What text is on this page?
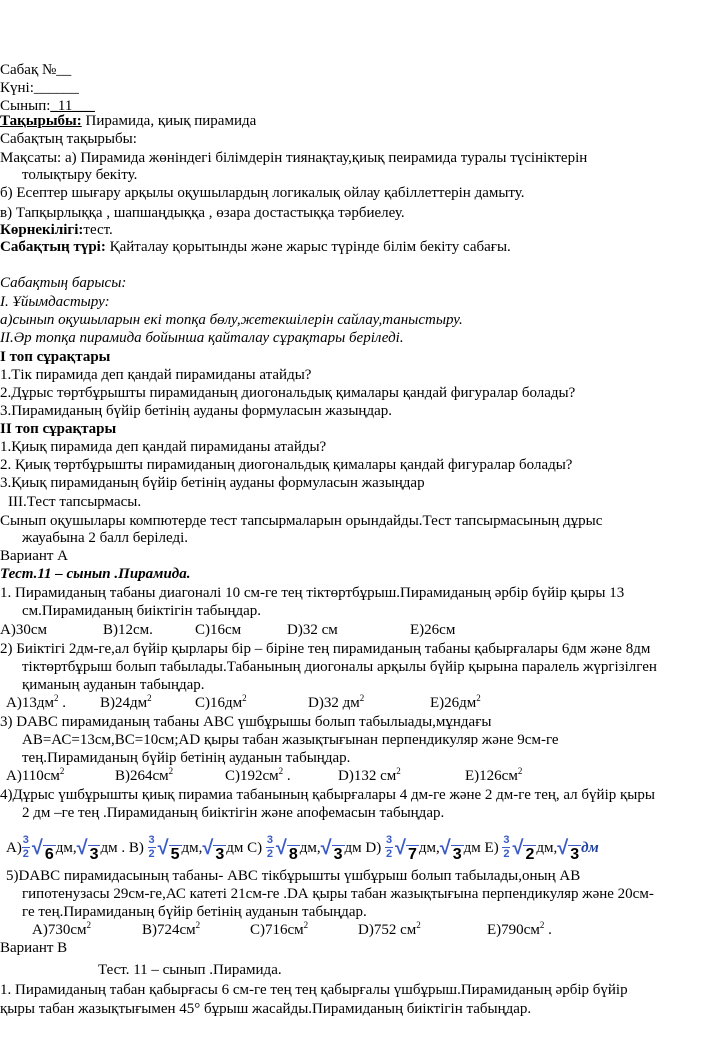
Сабақ №__
Күні:______
Сынып:_11___
Тақырыбы: Пирамида, қиық пирамида
Сабақтың тақырыбы:
Мақсаты: а) Пирамида жөніндегі білімдерін тиянақтау,қиық пеирамида туралы түсініктерін
толықтыру бекіту.
б) Есептер шығару арқылы оқушылардың логикалық ойлау қабіллеттерін дамыту.
в) Тапқырлыққа , шапшаңдыққа , өзара достастыққа тәрбиелеу.
Көрнекілігі:тест.
Сабақтың түрі: Қайталау қорытынды және жарыс түрінде білім бекіту сабағы.
Сабақтың барысы:
I. Ұйымдастыру:
а)сынып оқушыларын екі топқа бөлу,жетекшілерін сайлау,таныстыру.
II.Әр топқа пирамида бойынша қайталау сұрақтары беріледі.
І топ сұрақтары
1.Тік пирамида деп қандай пирамиданы атайды?
2.Дұрыс төртбұрышты пирамиданың диогональдық қималары қандай фигуралар болады?
3.Пирамиданың бүйір бетінің ауданы формуласын жазыңдар.
ІІ топ сұрақтары
1.Қиық пирамида деп қандай пирамиданы атайды?
2. Қиық төртбұрышты пирамиданың диогональдық қималары қандай фигуралар болады?
3.Қиық пирамиданың бүйір бетінің ауданы формуласын жазыңдар
III.Тест тапсырмасы.
Сынып оқушылары компютерде тест тапсырмаларын орындайды.Тест тапсырмасының дұрыс
жауабына 2 балл беріледі.
Вариант А
Тест.11 – сынып .Пирамида.
1. Пирамиданың табаны диагоналі 10 см-ге тең тіктөртбұрыш.Пирамиданың әрбір бүйір қыры 13
см.Пирамиданың биіктігін табыңдар.
А)30см	В)12см.	С)16см	D)32 см	Е)26см
2) Биіктігі 2дм-ге,ал бүйір қырлары бір – біріне тең пирамиданың табаны қабырғалары 6дм және 8дм
тіктөртбұрыш болып табылады.Табанының диогоналы арқылы бүйір қырына паралель жүргізілген
қиманың ауданын табыңдар.
$А)13дм^2$ . $В)24дм^2$	$С)16дм^2$	D)32 $дм^2$	$Е)26дм^2$
3) DАВС пирамиданың табаны АВС үшбұрышы болып табылыады,мұндағы
АВ=АС=13см,ВС=10см;АD қыры табан жазықтығынан перпендикуляр және 9см-ге
тең.Пирамиданың бүйір бетінің ауданын табыңдар.
$А)110см^2$	$В)264см^2$	$С)192см^2$ .	D)132 $см^2$	$Е)126см^2$
4)Дұрыс үшбұрышты қиық пирамиа табанының қабырғалары 4 дм-ге және 2 дм-ге тең, ал бүйір қыры
2 дм –ге тең .Пирамиданың биіктігін және апофемасын табыңдар.
$А) \frac{3}{2}$ √ 6 дм, √ 3 дм . В)
$\frac{3}{2}$ √ 5 дм, √ 3 дм С)
$\frac{3}{2}$ √ 8 дм, √ 3 дм D)
$\frac{3}{2}$ √ 7 дм, √ 3 дм Е)
$\frac{3}{2}$ √ 2 дм, √ 3 дм
5)DАВС пирамидасының табаны- АВС тікбұрышты үшбұрыш болып табылады,оның АВ
гипотенузасы 29см-ге,АС катеті 21см-ге .DА қыры табан жазықтығына перпендикуляр және 20см-
ге тең.Пирамиданың бүйір бетінің ауданын табыңдар.
$А)730см^2$	$В)724см^2$	$С)716см^2$	D)752 $см^2$	$Е)790см^2$ .
Вариант В
Тест. 11 – сынып .Пирамида.
1. Пирамиданың табан қабырғасы 6 см-ге тең тең қабырғалы үшбұрыш.Пирамиданың әрбір бүйір
қыры табан жазықтығымен 45° бұрыш жасайды.Пирамиданың биіктігін табыңдар.
